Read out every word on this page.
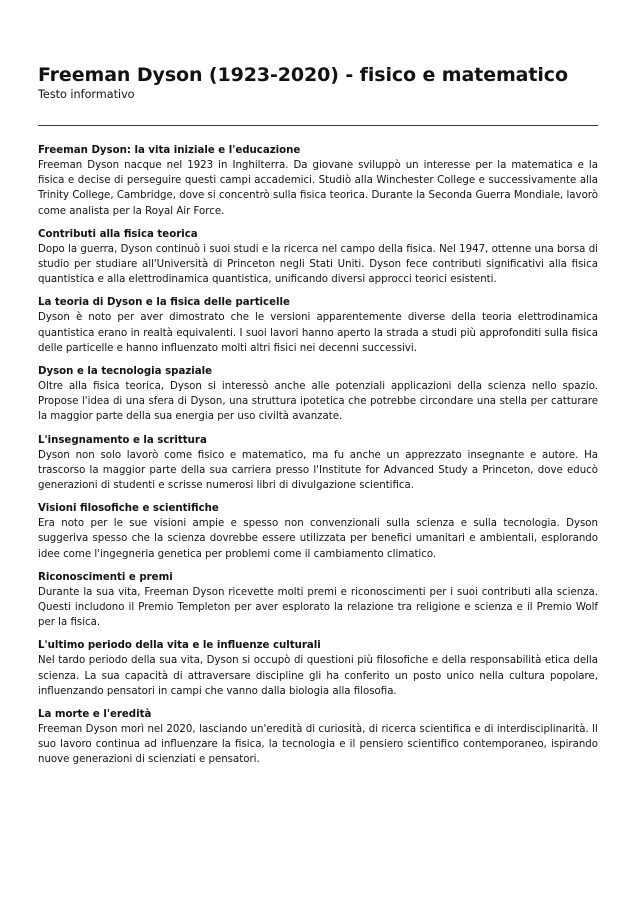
Freeman Dyson (1923-2020) - fisico e matematico
Testo informativo
Freeman Dyson: la vita iniziale e l'educazione

Freeman Dyson nacque nel 1923 in Inghilterra. Da giovane sviluppò un interesse per la matematica e la fisica e decise di perseguire questi campi accademici. Studiò alla Winchester College e successivamente alla Trinity College, Cambridge, dove si concentrò sulla fisica teorica. Durante la Seconda Guerra Mondiale, lavorò come analista per la Royal Air Force.

Contributi alla fisica teorica

Dopo la guerra, Dyson continuò i suoi studi e la ricerca nel campo della fisica. Nel 1947, ottenne una borsa di studio per studiare all'Università di Princeton negli Stati Uniti. Dyson fece contributi significativi alla fisica quantistica e alla elettrodinamica quantistica, unificando diversi approcci teorici esistenti.

La teoria di Dyson e la fisica delle particelle

Dyson è noto per aver dimostrato che le versioni apparentemente diverse della teoria elettrodinamica quantistica erano in realtà equivalenti. I suoi lavori hanno aperto la strada a studi più approfonditi sulla fisica delle particelle e hanno influenzato molti altri fisici nei decenni successivi.

Dyson e la tecnologia spaziale

Oltre alla fisica teorica, Dyson si interessò anche alle potenziali applicazioni della scienza nello spazio. Propose l'idea di una sfera di Dyson, una struttura ipotetica che potrebbe circondare una stella per catturare la maggior parte della sua energia per uso civiltà avanzate.

L'insegnamento e la scrittura

Dyson non solo lavorò come fisico e matematico, ma fu anche un apprezzato insegnante e autore. Ha trascorso la maggior parte della sua carriera presso l'Institute for Advanced Study a Princeton, dove educò generazioni di studenti e scrisse numerosi libri di divulgazione scientifica.

Visioni filosofiche e scientifiche

Era noto per le sue visioni ampie e spesso non convenzionali sulla scienza e sulla tecnologia. Dyson suggeriva spesso che la scienza dovrebbe essere utilizzata per benefici umanitari e ambientali, esplorando idee come l'ingegneria genetica per problemi come il cambiamento climatico.

Riconoscimenti e premi

Durante la sua vita, Freeman Dyson ricevette molti premi e riconoscimenti per i suoi contributi alla scienza. Questi includono il Premio Templeton per aver esplorato la relazione tra religione e scienza e il Premio Wolf per la fisica.

L'ultimo periodo della vita e le influenze culturali

Nel tardo periodo della sua vita, Dyson si occupò di questioni più filosofiche e della responsabilità etica della scienza. La sua capacità di attraversare discipline gli ha conferito un posto unico nella cultura popolare, influenzando pensatori in campi che vanno dalla biologia alla filosofia.

La morte e l'eredità

Freeman Dyson morì nel 2020, lasciando un'eredità di curiosità, di ricerca scientifica e di interdisciplinarità. Il suo lavoro continua ad influenzare la fisica, la tecnologia e il pensiero scientifico contemporaneo, ispirando nuove generazioni di scienziati e pensatori.
